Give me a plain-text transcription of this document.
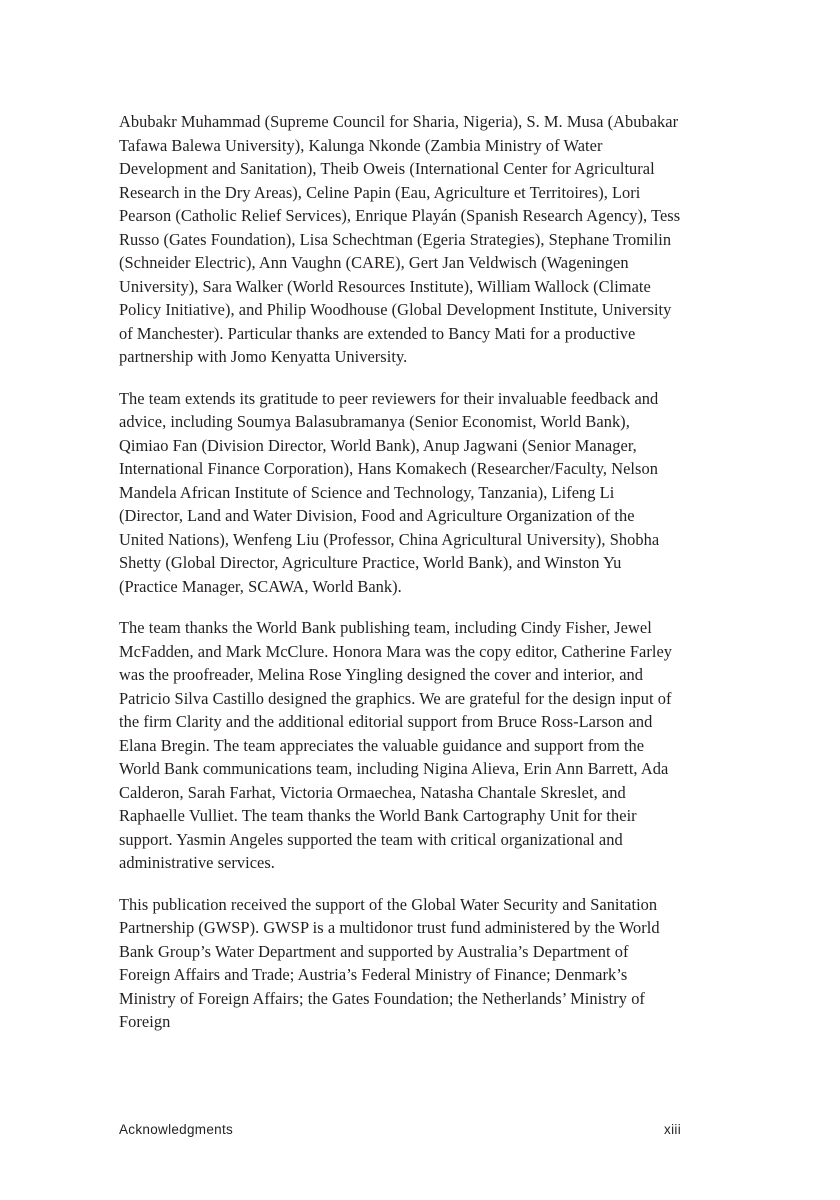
Abubakr Muhammad (Supreme Council for Sharia, Nigeria), S. M. Musa (Abubakar Tafawa Balewa University), Kalunga Nkonde (Zambia Ministry of Water Development and Sanitation), Theib Oweis (International Center for Agricultural Research in the Dry Areas), Celine Papin (Eau, Agriculture et Territoires), Lori Pearson (Catholic Relief Services), Enrique Playán (Spanish Research Agency), Tess Russo (Gates Foundation), Lisa Schechtman (Egeria Strategies), Stephane Tromilin (Schneider Electric), Ann Vaughn (CARE), Gert Jan Veldwisch (Wageningen University), Sara Walker (World Resources Institute), William Wallock (Climate Policy Initiative), and Philip Woodhouse (Global Development Institute, University of Manchester). Particular thanks are extended to Bancy Mati for a productive partnership with Jomo Kenyatta University.

The team extends its gratitude to peer reviewers for their invaluable feedback and advice, including Soumya Balasubramanya (Senior Economist, World Bank), Qimiao Fan (Division Director, World Bank), Anup Jagwani (Senior Manager, International Finance Corporation), Hans Komakech (Researcher/Faculty, Nelson Mandela African Institute of Science and Technology, Tanzania), Lifeng Li (Director, Land and Water Division, Food and Agriculture Organization of the United Nations), Wenfeng Liu (Professor, China Agricultural University), Shobha Shetty (Global Director, Agriculture Practice, World Bank), and Winston Yu (Practice Manager, SCAWA, World Bank).

The team thanks the World Bank publishing team, including Cindy Fisher, Jewel McFadden, and Mark McClure. Honora Mara was the copy editor, Catherine Farley was the proofreader, Melina Rose Yingling designed the cover and interior, and Patricio Silva Castillo designed the graphics. We are grateful for the design input of the firm Clarity and the additional editorial support from Bruce Ross-Larson and Elana Bregin. The team appreciates the valuable guidance and support from the World Bank communications team, including Nigina Alieva, Erin Ann Barrett, Ada Calderon, Sarah Farhat, Victoria Ormaechea, Natasha Chantale Skreslet, and Raphaelle Vulliet. The team thanks the World Bank Cartography Unit for their support. Yasmin Angeles supported the team with critical organizational and administrative services.

This publication received the support of the Global Water Security and Sanitation Partnership (GWSP). GWSP is a multidonor trust fund administered by the World Bank Group’s Water Department and supported by Australia’s Department of Foreign Affairs and Trade; Austria’s Federal Ministry of Finance; Denmark’s Ministry of Foreign Affairs; the Gates Foundation; the Netherlands’ Ministry of Foreign

Acknowledgments	xiii
